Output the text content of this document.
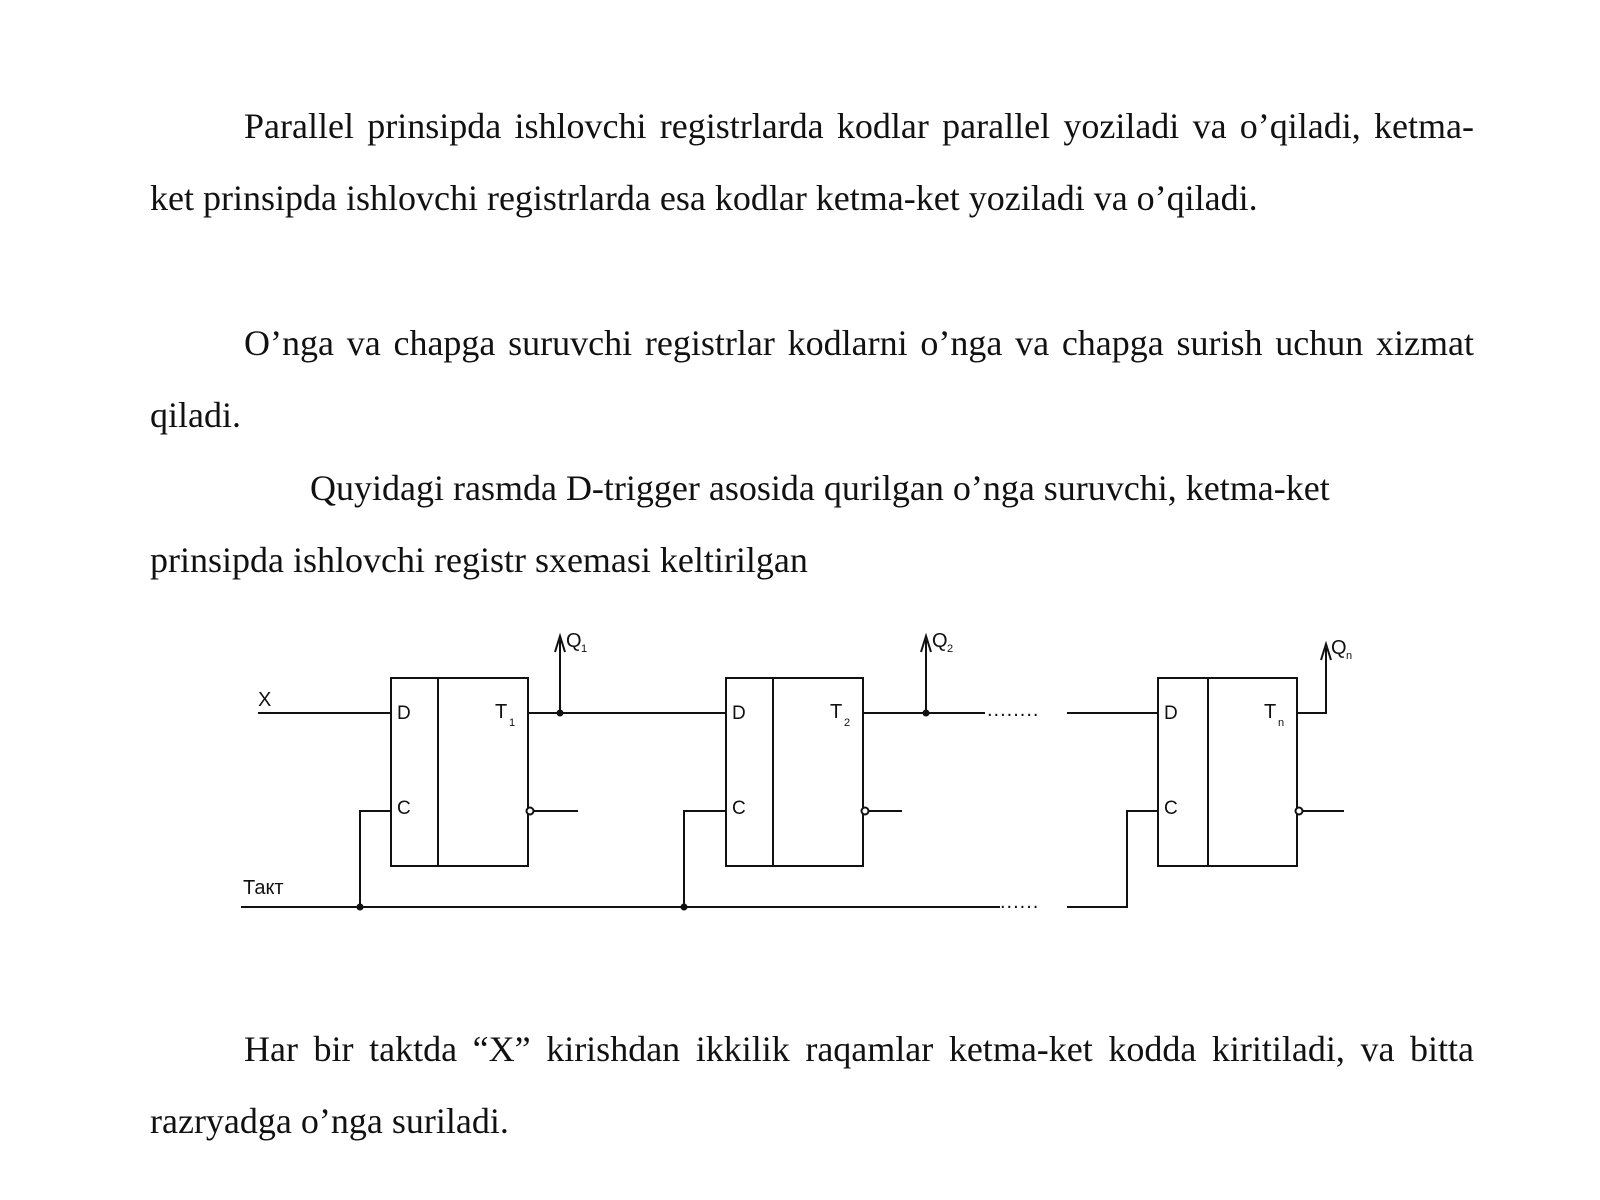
Parallel prinsipda ishlovchi registrlarda kodlar parallel yoziladi va o’qiladi, ketma-ket prinsipda ishlovchi registrlarda esa kodlar ketma-ket yoziladi va o’qiladi.

O’nga va chapga suruvchi registrlar kodlarni o’nga va chapga surish uchun xizmat qiladi.

Quyidagi rasmda D-trigger asosida qurilgan o’nga suruvchi, ketma-ket prinsipda ishlovchi registr sxemasi keltirilgan

X
Такт
D
C
T 1
Q 1
D
C
T 2
Q 2
D
C
T n
Q n
........
......

Har bir taktda “X” kirishdan ikkilik raqamlar ketma-ket kodda kiritiladi, va bitta razryadga o’nga suriladi.
